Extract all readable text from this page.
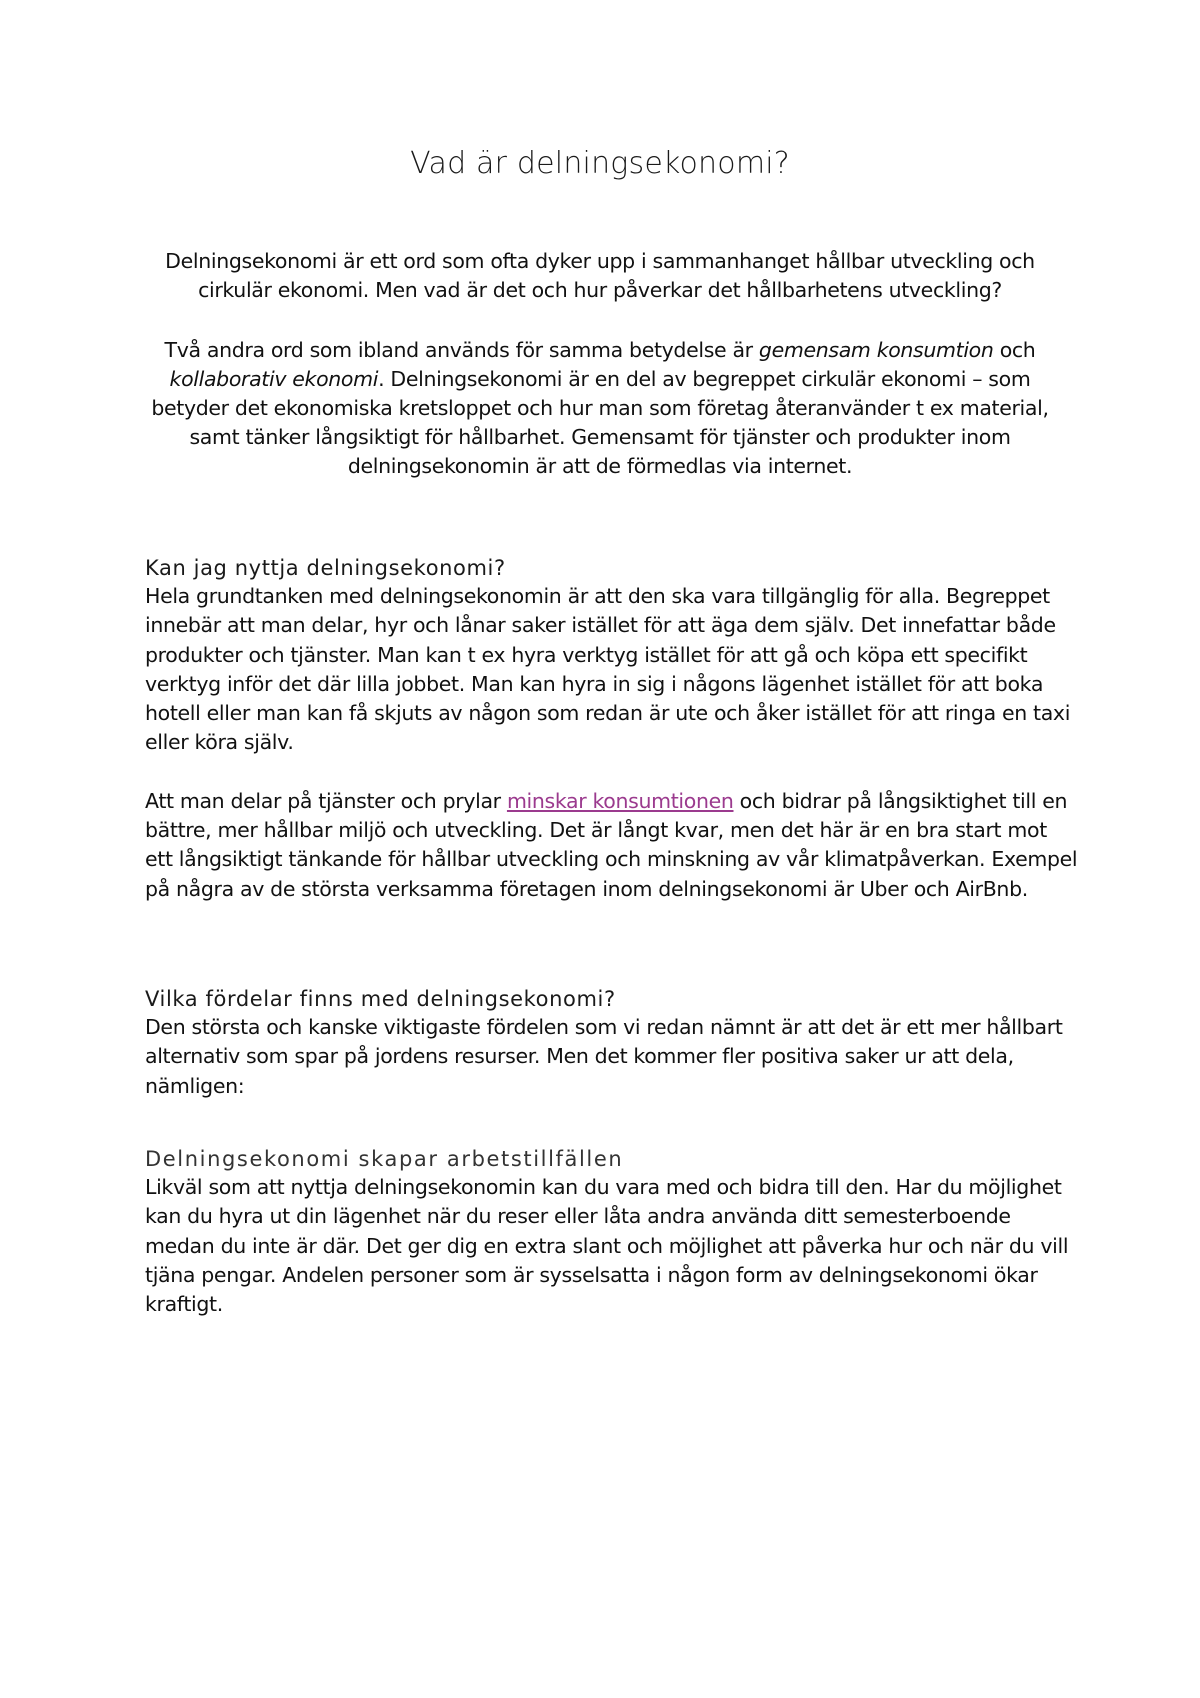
Vad är delningsekonomi?

Delningsekonomi är ett ord som ofta dyker upp i sammanhanget hållbar utveckling och cirkulär ekonomi. Men vad är det och hur påverkar det hållbarhetens utveckling?

Två andra ord som ibland används för samma betydelse är gemensam konsumtion och kollaborativ ekonomi. Delningsekonomi är en del av begreppet cirkulär ekonomi – som betyder det ekonomiska kretsloppet och hur man som företag återanvänder t ex material, samt tänker långsiktigt för hållbarhet. Gemensamt för tjänster och produkter inom delningsekonomin är att de förmedlas via internet.

Kan jag nyttja delningsekonomi?

Hela grundtanken med delningsekonomin är att den ska vara tillgänglig för alla. Begreppet innebär att man delar, hyr och lånar saker istället för att äga dem själv. Det innefattar både produkter och tjänster. Man kan t ex hyra verktyg istället för att gå och köpa ett specifikt verktyg inför det där lilla jobbet. Man kan hyra in sig i någons lägenhet istället för att boka hotell eller man kan få skjuts av någon som redan är ute och åker istället för att ringa en taxi eller köra själv.

Att man delar på tjänster och prylar minskar konsumtionen och bidrar på långsiktighet till en bättre, mer hållbar miljö och utveckling. Det är långt kvar, men det här är en bra start mot ett långsiktigt tänkande för hållbar utveckling och minskning av vår klimatpåverkan. Exempel på några av de största verksamma företagen inom delningsekonomi är Uber och AirBnb.

Vilka fördelar finns med delningsekonomi?

Den största och kanske viktigaste fördelen som vi redan nämnt är att det är ett mer hållbart alternativ som spar på jordens resurser. Men det kommer fler positiva saker ur att dela, nämligen:

Delningsekonomi skapar arbetstillfällen

Likväl som att nyttja delningsekonomin kan du vara med och bidra till den. Har du möjlighet kan du hyra ut din lägenhet när du reser eller låta andra använda ditt semesterboende medan du inte är där. Det ger dig en extra slant och möjlighet att påverka hur och när du vill tjäna pengar. Andelen personer som är sysselsatta i någon form av delningsekonomi ökar kraftigt.
